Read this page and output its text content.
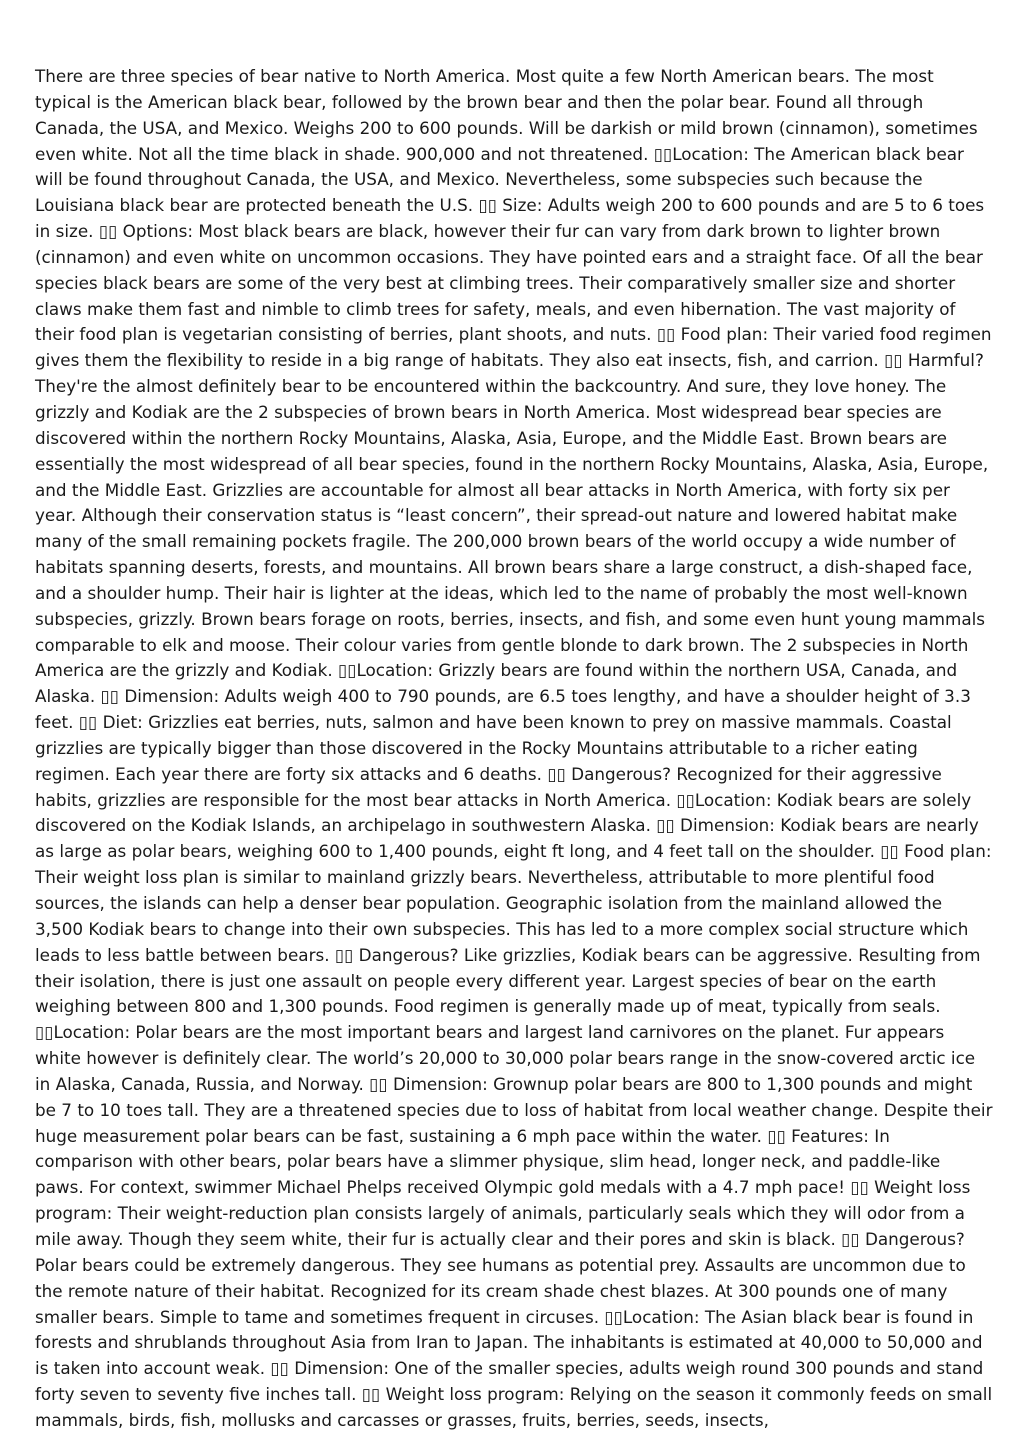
There are three species of bear native to North America. Most quite a few North American bears. The most typical is the American black bear, followed by the brown bear and then the polar bear. Found all through Canada, the USA, and Mexico. Weighs 200 to 600 pounds. Will be darkish or mild brown (cinnamon), sometimes even white. Not all the time black in shade. 900,000 and not threatened. ▯▯Location: The American black bear will be found throughout Canada, the USA, and Mexico. Nevertheless, some subspecies such because the Louisiana black bear are protected beneath the U.S. ▯▯ Size: Adults weigh 200 to 600 pounds and are 5 to 6 toes in size. ▯▯ Options: Most black bears are black, however their fur can vary from dark brown to lighter brown (cinnamon) and even white on uncommon occasions. They have pointed ears and a straight face. Of all the bear species black bears are some of the very best at climbing trees. Their comparatively smaller size and shorter claws make them fast and nimble to climb trees for safety, meals, and even hibernation. The vast majority of their food plan is vegetarian consisting of berries, plant shoots, and nuts. ▯▯ Food plan: Their varied food regimen gives them the flexibility to reside in a big range of habitats. They also eat insects, fish, and carrion. ▯▯ Harmful? They're the almost definitely bear to be encountered within the backcountry. And sure, they love honey. The grizzly and Kodiak are the 2 subspecies of brown bears in North America. Most widespread bear species are discovered within the northern Rocky Mountains, Alaska, Asia, Europe, and the Middle East. Brown bears are essentially the most widespread of all bear species, found in the northern Rocky Mountains, Alaska, Asia, Europe, and the Middle East. Grizzlies are accountable for almost all bear attacks in North America, with forty six per year. Although their conservation status is “least concern”, their spread-out nature and lowered habitat make many of the small remaining pockets fragile. The 200,000 brown bears of the world occupy a wide number of habitats spanning deserts, forests, and mountains. All brown bears share a large construct, a dish-shaped face, and a shoulder hump. Their hair is lighter at the ideas, which led to the name of probably the most well-known subspecies, grizzly. Brown bears forage on roots, berries, insects, and fish, and some even hunt young mammals comparable to elk and moose. Their colour varies from gentle blonde to dark brown. The 2 subspecies in North America are the grizzly and Kodiak. ▯▯Location: Grizzly bears are found within the northern USA, Canada, and Alaska. ▯▯ Dimension: Adults weigh 400 to 790 pounds, are 6.5 toes lengthy, and have a shoulder height of 3.3 feet. ▯▯ Diet: Grizzlies eat berries, nuts, salmon and have been known to prey on massive mammals. Coastal grizzlies are typically bigger than those discovered in the Rocky Mountains attributable to a richer eating regimen. Each year there are forty six attacks and 6 deaths. ▯▯ Dangerous? Recognized for their aggressive habits, grizzlies are responsible for the most bear attacks in North America. ▯▯Location: Kodiak bears are solely discovered on the Kodiak Islands, an archipelago in southwestern Alaska. ▯▯ Dimension: Kodiak bears are nearly as large as polar bears, weighing 600 to 1,400 pounds, eight ft long, and 4 feet tall on the shoulder. ▯▯ Food plan: Their weight loss plan is similar to mainland grizzly bears. Nevertheless, attributable to more plentiful food sources, the islands can help a denser bear population. Geographic isolation from the mainland allowed the 3,500 Kodiak bears to change into their own subspecies. This has led to a more complex social structure which leads to less battle between bears. ▯▯ Dangerous? Like grizzlies, Kodiak bears can be aggressive. Resulting from their isolation, there is just one assault on people every different year. Largest species of bear on the earth weighing between 800 and 1,300 pounds. Food regimen is generally made up of meat, typically from seals. ▯▯Location: Polar bears are the most important bears and largest land carnivores on the planet. Fur appears white however is definitely clear. The world’s 20,000 to 30,000 polar bears range in the snow-covered arctic ice in Alaska, Canada, Russia, and Norway. ▯▯ Dimension: Grownup polar bears are 800 to 1,300 pounds and might be 7 to 10 toes tall. They are a threatened species due to loss of habitat from local weather change. Despite their huge measurement polar bears can be fast, sustaining a 6 mph pace within the water. ▯▯ Features: In comparison with other bears, polar bears have a slimmer physique, slim head, longer neck, and paddle-like paws. For context, swimmer Michael Phelps received Olympic gold medals with a 4.7 mph pace! ▯▯ Weight loss program: Their weight-reduction plan consists largely of animals, particularly seals which they will odor from a mile away. Though they seem white, their fur is actually clear and their pores and skin is black. ▯▯ Dangerous? Polar bears could be extremely dangerous. They see humans as potential prey. Assaults are uncommon due to the remote nature of their habitat. Recognized for its cream shade chest blazes. At 300 pounds one of many smaller bears. Simple to tame and sometimes frequent in circuses. ▯▯Location: The Asian black bear is found in forests and shrublands throughout Asia from Iran to Japan. The inhabitants is estimated at 40,000 to 50,000 and is taken into account weak. ▯▯ Dimension: One of the smaller species, adults weigh round 300 pounds and stand forty seven to seventy five inches tall. ▯▯ Weight loss program: Relying on the season it commonly feeds on small mammals, birds, fish, mollusks and carcasses or grasses, fruits, berries, seeds, insects,
